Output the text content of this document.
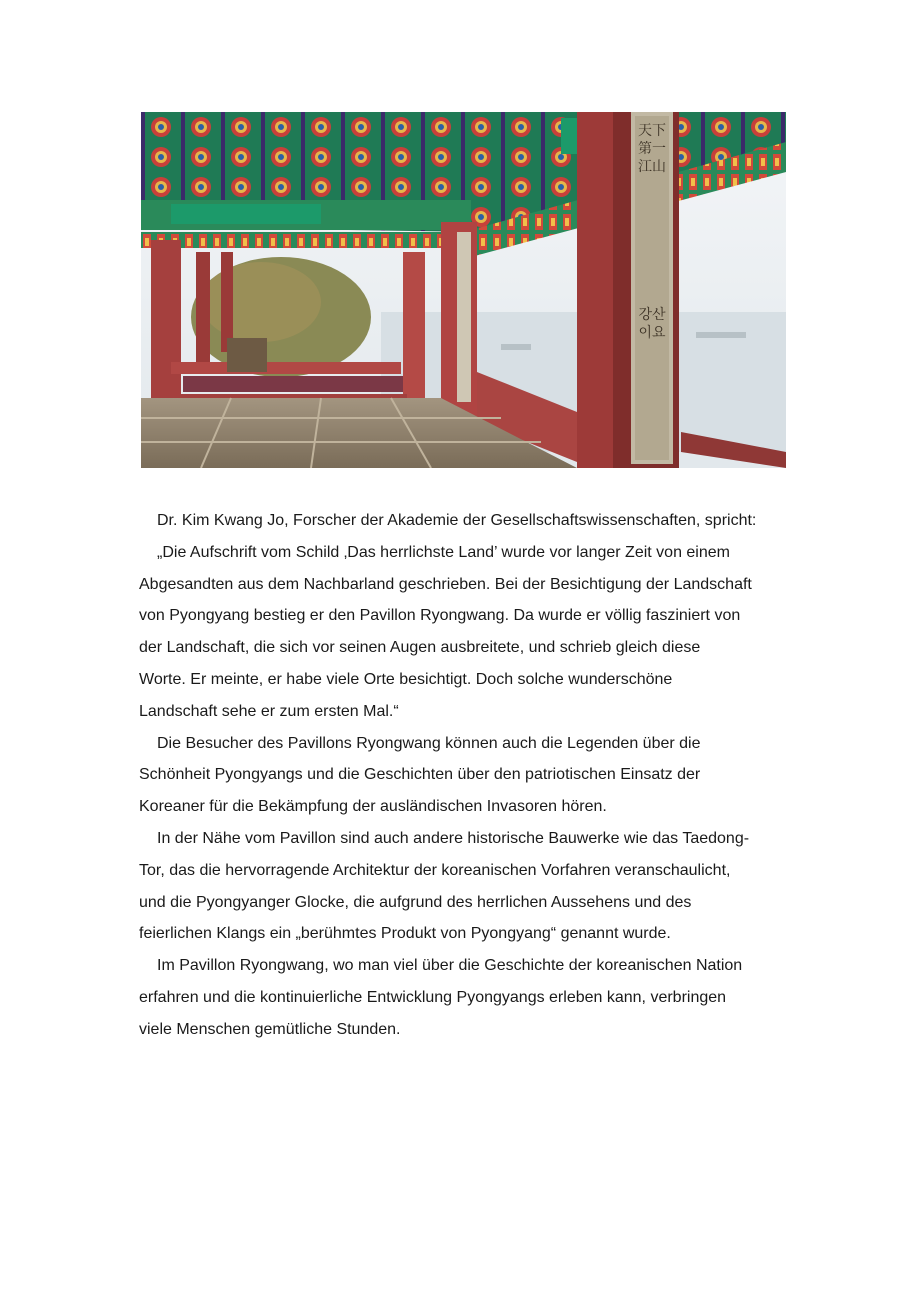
天下第一江山
강산이요
Dr. Kim Kwang Jo, Forscher der Akademie der Gesellschaftswissenschaften, spricht:
„Die Aufschrift vom Schild ‚Das herrlichste Land’ wurde vor langer Zeit von einem
Abgesandten aus dem Nachbarland geschrieben. Bei der Besichtigung der Landschaft
von Pyongyang bestieg er den Pavillon Ryongwang. Da wurde er völlig fasziniert von
der Landschaft, die sich vor seinen Augen ausbreitete, und schrieb gleich diese
Worte. Er meinte, er habe viele Orte besichtigt. Doch solche wunderschöne
Landschaft sehe er zum ersten Mal.“
Die Besucher des Pavillons Ryongwang können auch die Legenden über die
Schönheit Pyongyangs und die Geschichten über den patriotischen Einsatz der
Koreaner für die Bekämpfung der ausländischen Invasoren hören.
In der Nähe vom Pavillon sind auch andere historische Bauwerke wie das Taedong-
Tor, das die hervorragende Architektur der koreanischen Vorfahren veranschaulicht,
und die Pyongyanger Glocke, die aufgrund des herrlichen Aussehens und des
feierlichen Klangs ein „berühmtes Produkt von Pyongyang“ genannt wurde.
Im Pavillon Ryongwang, wo man viel über die Geschichte der koreanischen Nation
erfahren und die kontinuierliche Entwicklung Pyongyangs erleben kann, verbringen
viele Menschen gemütliche Stunden.
